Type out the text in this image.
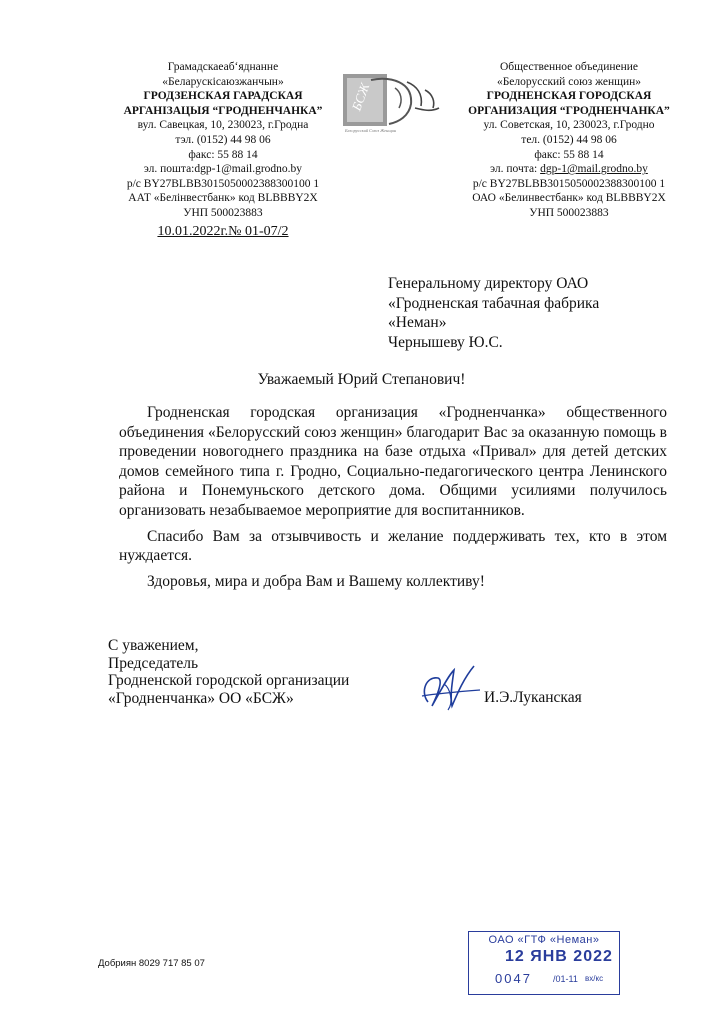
Грамадскаеаб‘яднанне
«Беларускісаюзжанчын»
ГРОДЗЕНСКАЯ ГАРАДСКАЯ
АРГАНІЗАЦЫЯ “ГРОДНЕНЧАНКА”
вул. Савецкая, 10, 230023, г.Гродна
тэл. (0152) 44 98 06
факс: 55 88 14
эл. пошта:dgp-1@mail.grodno.by
р/с BY27BLBB3015050002388300100 1
ААТ «Белінвестбанк» код BLBBBY2X
УНП 500023883
10.01.2022г.№ 01-07/2
БСЖ
Белорусский Союз Женщин
Общественное объединение
«Белорусский союз женщин»
ГРОДНЕНСКАЯ ГОРОДСКАЯ
ОРГАНИЗАЦИЯ “ГРОДНЕНЧАНКА”
ул. Советская, 10, 230023, г.Гродно
тел. (0152) 44 98 06
факс: 55 88 14
эл. почта: dgp-1@mail.grodno.by
р/с BY27BLBB3015050002388300100 1
ОАО «Белинвестбанк» код BLBBBY2X
УНП 500023883
Генеральному директору ОАО
«Гродненская табачная фабрика
«Неман»
Чернышеву Ю.С.
Уважаемый Юрий Степанович!

Гродненская городская организация «Гродненчанка» общественного объединения «Белорусский союз женщин» благодарит Вас за оказанную помощь в проведении новогоднего праздника на базе отдыха «Привал» для детей детских домов семейного типа г. Гродно, Социально-педагогического центра Ленинского района и Понемуньского детского дома. Общими усилиями получилось организовать незабываемое мероприятие для воспитанников.

Спасибо Вам за отзывчивость и желание поддерживать тех, кто в этом нуждается.

Здоровья, мира и добра Вам и Вашему коллективу!

С уважением,
Председатель
Гродненской городской организации
«Гродненчанка» ОО «БСЖ»	И.Э.Луканская
Добриян 8029 717 85 07
ОАО «ГТФ «Неман»
12 ЯНВ 2022
0047 /01-11 вх/кс
